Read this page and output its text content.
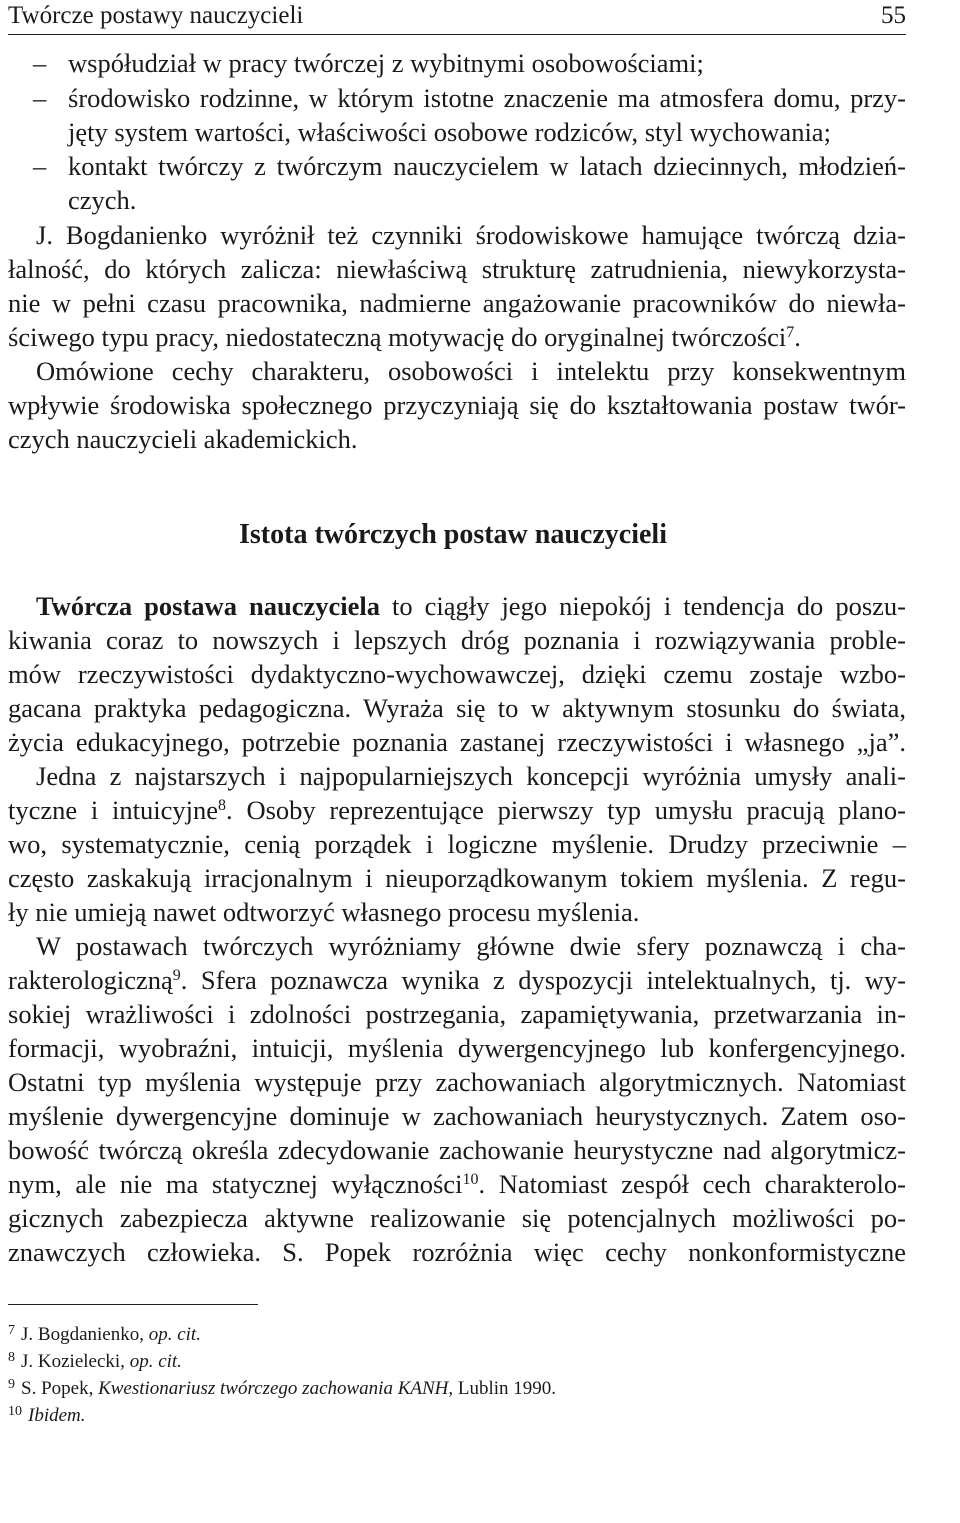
Twórcze postawy nauczycieli	55
– współudział w pracy twórczej z wybitnymi osobowościami;
– środowisko rodzinne, w którym istotne znaczenie ma atmosfera domu, przy-
jęty system wartości, właściwości osobowe rodziców, styl wychowania;
– kontakt twórczy z twórczym nauczycielem w latach dziecinnych, młodzień-
czych.
J. Bogdanienko wyróżnił też czynniki środowiskowe hamujące twórczą dzia-
łalność, do których zalicza: niewłaściwą strukturę zatrudnienia, niewykorzysta-
nie w pełni czasu pracownika, nadmierne angażowanie pracowników do niewła-
ściwego typu pracy, niedostateczną motywację do oryginalnej twórczości$^7$.
Omówione cechy charakteru, osobowości i intelektu przy konsekwentnym
wpływie środowiska społecznego przyczyniają się do kształtowania postaw twór-
czych nauczycieli akademickich.
Istota twórczych postaw nauczycieli
Twórcza postawa nauczyciela to ciągły jego niepokój i tendencja do poszu-
kiwania coraz to nowszych i lepszych dróg poznania i rozwiązywania proble-
mów rzeczywistości dydaktyczno-wychowawczej, dzięki czemu zostaje wzbo-
gacana praktyka pedagogiczna. Wyraża się to w aktywnym stosunku do świata,
życia edukacyjnego, potrzebie poznania zastanej rzeczywistości i własnego „ja”.
Jedna z najstarszych i najpopularniejszych koncepcji wyróżnia umysły anali-
tyczne i intuicyjne$^8$. Osoby reprezentujące pierwszy typ umysłu pracują plano-
wo, systematycznie, cenią porządek i logiczne myślenie. Drudzy przeciwnie –
często zaskakują irracjonalnym i nieuporządkowanym tokiem myślenia. Z regu-
ły nie umieją nawet odtworzyć własnego procesu myślenia.
W postawach twórczych wyróżniamy główne dwie sfery poznawczą i cha-
rakterologiczną$^9$. Sfera poznawcza wynika z dyspozycji intelektualnych, tj. wy-
sokiej wrażliwości i zdolności postrzegania, zapamiętywania, przetwarzania in-
formacji, wyobraźni, intuicji, myślenia dywergencyjnego lub konfergencyjnego.
Ostatni typ myślenia występuje przy zachowaniach algorytmicznych. Natomiast
myślenie dywergencyjne dominuje w zachowaniach heurystycznych. Zatem oso-
bowość twórczą określa zdecydowanie zachowanie heurystyczne nad algorytmicz-
nym, ale nie ma statycznej wyłączności$^{10}$. Natomiast zespół cech charakterolo-
gicznych zabezpiecza aktywne realizowanie się potencjalnych możliwości po-
znawczych człowieka. S. Popek rozróżnia więc cechy nonkonformistyczne
$^7$ J. Bogdanienko, op. cit.
$^8$ J. Kozielecki, op. cit.
$^9$ S. Popek, Kwestionariusz twórczego zachowania KANH, Lublin 1990.
$^{10}$ Ibidem.
